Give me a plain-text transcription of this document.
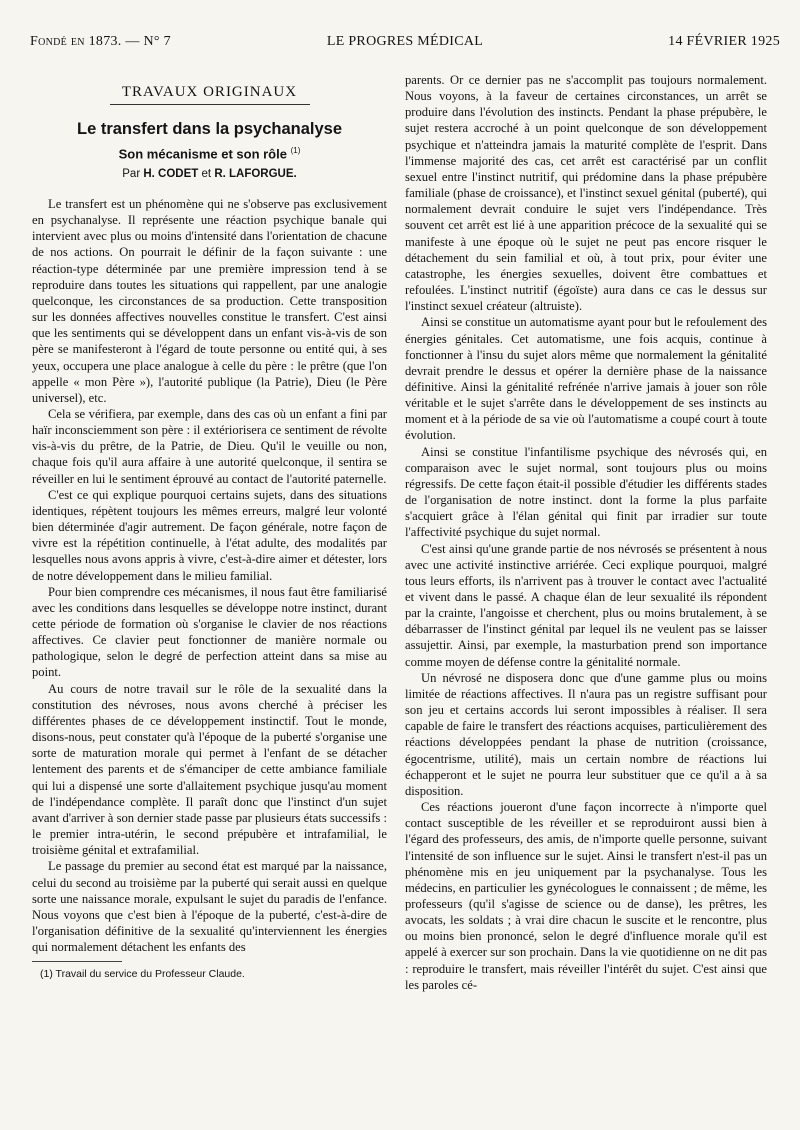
Fondé en 1873. — N° 7	LE PROGRES MÉDICAL	14 FÉVRIER 1925
TRAVAUX ORIGINAUX
Le transfert dans la psychanalyse
Son mécanisme et son rôle $^{(1)}$
Par H. CODET et R. LAFORGUE.

Le transfert est un phénomène qui ne s'observe pas exclusivement en psychanalyse. Il représente une réaction psychique banale qui intervient avec plus ou moins d'intensité dans l'orientation de chacune de nos actions. On pourrait le définir de la façon suivante : une réaction-type déterminée par une première impression tend à se reproduire dans toutes les situations qui rappellent, par une analogie quelconque, les circonstances de sa production. Cette transposition sur les données affectives nouvelles constitue le transfert. C'est ainsi que les sentiments qui se développent dans un enfant vis-à-vis de son père se manifesteront à l'égard de toute personne ou entité qui, à ses yeux, occupera une place analogue à celle du père : le prêtre (que l'on appelle « mon Père »), l'autorité publique (la Patrie), Dieu (le Père universel), etc.

Cela se vérifiera, par exemple, dans des cas où un enfant a fini par haïr inconsciemment son père : il extériorisera ce sentiment de révolte vis-à-vis du prêtre, de la Patrie, de Dieu. Qu'il le veuille ou non, chaque fois qu'il aura affaire à une autorité quelconque, il sentira se réveiller en lui le sentiment éprouvé au contact de l'autorité paternelle.

C'est ce qui explique pourquoi certains sujets, dans des situations identiques, répètent toujours les mêmes erreurs, malgré leur volonté bien déterminée d'agir autrement. De façon générale, notre façon de vivre est la répétition continuelle, à l'état adulte, des modalités par lesquelles nous avons appris à vivre, c'est-à-dire aimer et détester, lors de notre développement dans le milieu familial.

Pour bien comprendre ces mécanismes, il nous faut être familiarisé avec les conditions dans lesquelles se développe notre instinct, durant cette période de formation où s'organise le clavier de nos réactions affectives. Ce clavier peut fonctionner de manière normale ou pathologique, selon le degré de perfection atteint dans sa mise au point.

Au cours de notre travail sur le rôle de la sexualité dans la constitution des névroses, nous avons cherché à préciser les différentes phases de ce développement instinctif. Tout le monde, disons-nous, peut constater qu'à l'époque de la puberté s'organise une sorte de maturation morale qui permet à l'enfant de se détacher lentement des parents et de s'émanciper de cette ambiance familiale qui lui a dispensé une sorte d'allaitement psychique jusqu'au moment de l'indépendance complète. Il paraît donc que l'instinct d'un sujet avant d'arriver à son dernier stade passe par plusieurs états successifs : le premier intra-utérin, le second prépubère et intrafamilial, le troisième génital et extrafamilial.

Le passage du premier au second état est marqué par la naissance, celui du second au troisième par la puberté qui serait aussi en quelque sorte une naissance morale, expulsant le sujet du paradis de l'enfance. Nous voyons que c'est bien à l'époque de la puberté, c'est-à-dire de l'organisation définitive de la sexualité qu'interviennent les énergies qui normalement détachent les enfants des

(1) Travail du service du Professeur Claude.

parents. Or ce dernier pas ne s'accomplit pas toujours normalement. Nous voyons, à la faveur de certaines circonstances, un arrêt se produire dans l'évolution des instincts. Pendant la phase prépubère, le sujet restera accroché à un point quelconque de son développement psychique et n'atteindra jamais la maturité complète de l'esprit. Dans l'immense majorité des cas, cet arrêt est caractérisé par un conflit sexuel entre l'instinct nutritif, qui prédomine dans la phase prépubère familiale (phase de croissance), et l'instinct sexuel génital (puberté), qui normalement devrait conduire le sujet vers l'indépendance. Très souvent cet arrêt est lié à une apparition précoce de la sexualité qui se manifeste à une époque où le sujet ne peut pas encore risquer le détachement du sein familial et où, à tout prix, pour éviter une catastrophe, les énergies sexuelles, doivent être combattues et refoulées. L'instinct nutritif (égoïste) aura dans ce cas le dessus sur l'instinct sexuel créateur (altruiste).

Ainsi se constitue un automatisme ayant pour but le refoulement des énergies génitales. Cet automatisme, une fois acquis, continue à fonctionner à l'insu du sujet alors même que normalement la génitalité devrait prendre le dessus et opérer la dernière phase de la naissance définitive. Ainsi la génitalité refrénée n'arrive jamais à jouer son rôle véritable et le sujet s'arrête dans le développement de ses instincts au moment et à la période de sa vie où l'automatisme a coupé court à toute évolution.

Ainsi se constitue l'infantilisme psychique des névrosés qui, en comparaison avec le sujet normal, sont toujours plus ou moins régressifs. De cette façon était-il possible d'étudier les différents stades de l'organisation de notre instinct. dont la forme la plus parfaite s'acquiert grâce à l'élan génital qui finit par irradier sur toute l'affectivité psychique du sujet normal.

C'est ainsi qu'une grande partie de nos névrosés se présentent à nous avec une activité instinctive arriérée. Ceci explique pourquoi, malgré tous leurs efforts, ils n'arrivent pas à trouver le contact avec l'actualité et vivent dans le passé. A chaque élan de leur sexualité ils répondent par la crainte, l'angoisse et cherchent, plus ou moins brutalement, à se débarrasser de l'instinct génital par lequel ils ne veulent pas se laisser assujettir. Ainsi, par exemple, la masturbation prend son importance comme moyen de défense contre la génitalité normale.

Un névrosé ne disposera donc que d'une gamme plus ou moins limitée de réactions affectives. Il n'aura pas un registre suffisant pour son jeu et certains accords lui seront impossibles à réaliser. Il sera capable de faire le transfert des réactions acquises, particulièrement des réactions développées pendant la phase de nutrition (croissance, égocentrisme, utilité), mais un certain nombre de réactions lui échapperont et le sujet ne pourra leur substituer que ce qu'il a à sa disposition.

Ces réactions joueront d'une façon incorrecte à n'importe quel contact susceptible de les réveiller et se reproduiront aussi bien à l'égard des professeurs, des amis, de n'importe quelle personne, suivant l'intensité de son influence sur le sujet. Ainsi le transfert n'est-il pas un phénomène mis en jeu uniquement par la psychanalyse. Tous les médecins, en particulier les gynécologues le connaissent ; de même, les professeurs (qu'il s'agisse de science ou de danse), les prêtres, les avocats, les soldats ; à vrai dire chacun le suscite et le rencontre, plus ou moins bien prononcé, selon le degré d'influence morale qu'il est appelé à exercer sur son prochain. Dans la vie quotidienne on ne dit pas : reproduire le transfert, mais réveiller l'intérêt du sujet. C'est ainsi que les paroles cé-
